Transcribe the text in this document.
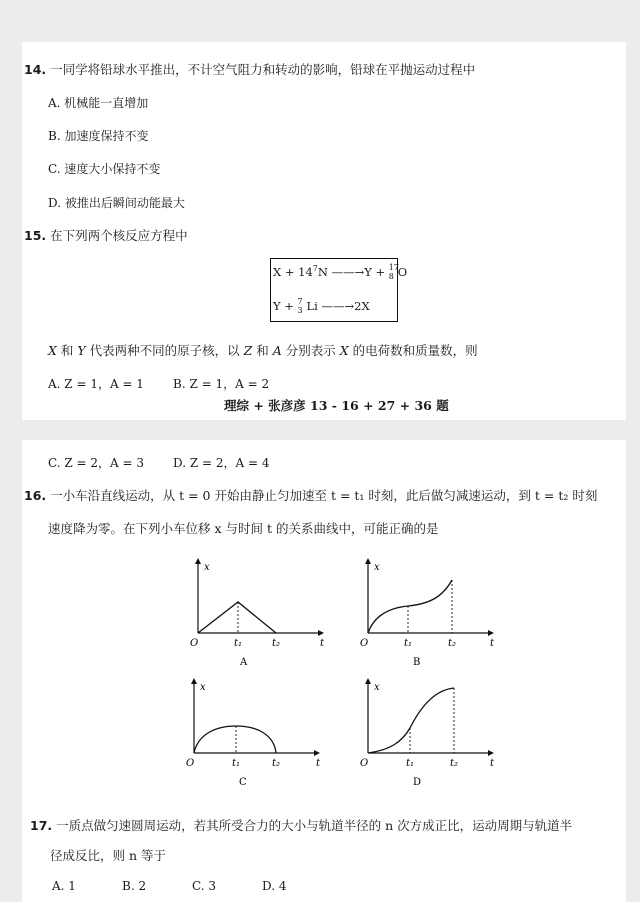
14. 一同学将铅球水平推出，不计空气阻力和转动的影响，铅球在平抛运动过程中
A. 机械能一直增加
B. 加速度保持不变
C. 速度大小保持不变
D. 被推出后瞬间动能最大
15. 在下列两个核反应方程中
$X + 14^7N$ ——→Y + 17
8 O
Y + 7
3 Li ——→2X
X 和 Y 代表两种不同的原子核，以 Z 和 A 分别表示 X 的电荷数和质量数，则
A. Z = 1，A = 1 B. Z = 1，A = 2
理综 + 张彦彦 13 - 16 + 27 + 36 题
C. Z = 2，A = 3 D. Z = 2，A = 4
16. 一小车沿直线运动，从 t = 0 开始由静止匀加速至 t = t₁ 时刻，此后做匀减速运动，到 t = t₂ 时刻
速度降为零。在下列小车位移 x 与时间 t 的关系曲线中，可能正确的是
x
t
O	t₁	t₂
A
x
t
O	t₁	t₂
B
x
t
O	t₁	t₂
C
x
t
O	t₁	t₂
D
17. 一质点做匀速圆周运动，若其所受合力的大小与轨道半径的 n 次方成正比，运动周期与轨道半
径成反比，则 n 等于
A. 1	B. 2	C. 3	D. 4
